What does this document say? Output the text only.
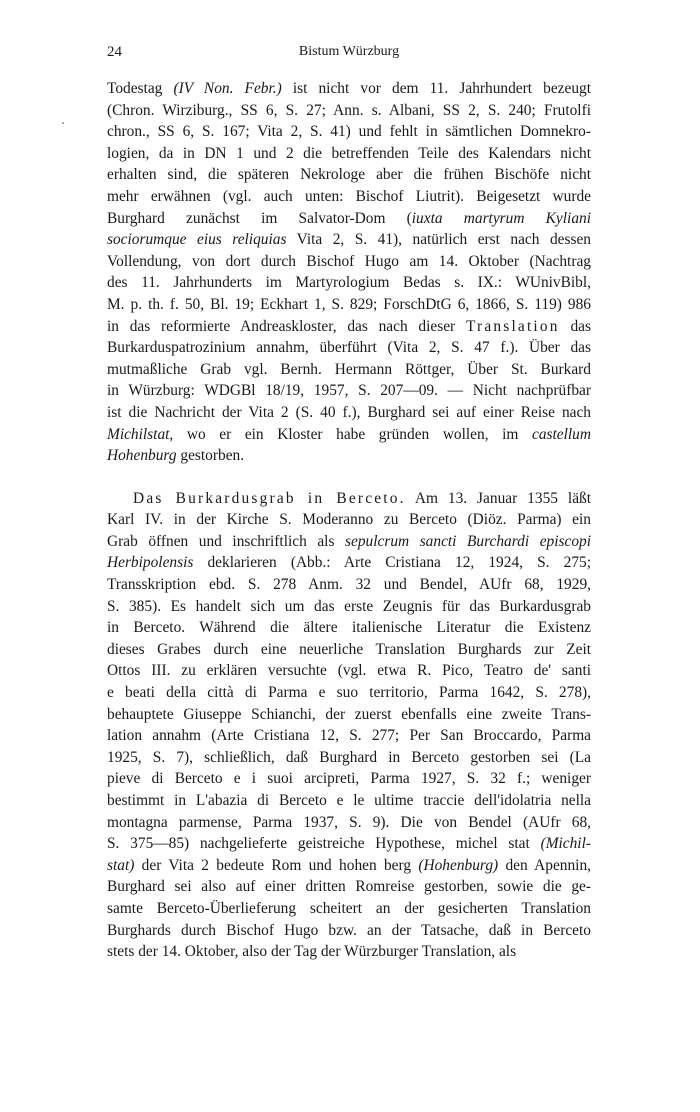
24	Bistum Würzburg
Todestag (IV Non. Febr.) ist nicht vor dem 11. Jahrhundert bezeugt
(Chron. Wirziburg., SS 6, S. 27; Ann. s. Albani, SS 2, S. 240; Frutolfi
chron., SS 6, S. 167; Vita 2, S. 41) und fehlt in sämtlichen Domnekro-
logien, da in DN 1 und 2 die betreffenden Teile des Kalendars nicht
erhalten sind, die späteren Nekrologe aber die frühen Bischöfe nicht
mehr erwähnen (vgl. auch unten: Bischof Liutrit). Beigesetzt wurde
Burghard zunächst im Salvator-Dom (iuxta martyrum Kyliani
sociorumque eius reliquias Vita 2, S. 41), natürlich erst nach dessen
Vollendung, von dort durch Bischof Hugo am 14. Oktober (Nachtrag
des 11. Jahrhunderts im Martyrologium Bedas s. IX.: WUnivBibl,
M. p. th. f. 50, Bl. 19; Eckhart 1, S. 829; ForschDtG 6, 1866, S. 119) 986
in das reformierte Andreaskloster, das nach dieser Translation das
Burkarduspatrozinium annahm, überführt (Vita 2, S. 47 f.). Über das
mutmaßliche Grab vgl. Bernh. Hermann Röttger, Über St. Burkard
in Würzburg: WDGBl 18/19, 1957, S. 207—09. — Nicht nachprüfbar
ist die Nachricht der Vita 2 (S. 40 f.), Burghard sei auf einer Reise nach
Michilstat, wo er ein Kloster habe gründen wollen, im castellum
Hohenburg gestorben.
Das Burkardusgrab in Berceto. Am 13. Januar 1355 läßt
Karl IV. in der Kirche S. Moderanno zu Berceto (Diöz. Parma) ein
Grab öffnen und inschriftlich als sepulcrum sancti Burchardi episcopi
Herbipolensis deklarieren (Abb.: Arte Cristiana 12, 1924, S. 275;
Transskription ebd. S. 278 Anm. 32 und Bendel, AUfr 68, 1929,
S. 385). Es handelt sich um das erste Zeugnis für das Burkardusgrab
in Berceto. Während die ältere italienische Literatur die Existenz
dieses Grabes durch eine neuerliche Translation Burghards zur Zeit
Ottos III. zu erklären versuchte (vgl. etwa R. Pico, Teatro de' santi
e beati della città di Parma e suo territorio, Parma 1642, S. 278),
behauptete Giuseppe Schianchi, der zuerst ebenfalls eine zweite Trans-
lation annahm (Arte Cristiana 12, S. 277; Per San Broccardo, Parma
1925, S. 7), schließlich, daß Burghard in Berceto gestorben sei (La
pieve di Berceto e i suoi arcipreti, Parma 1927, S. 32 f.; weniger
bestimmt in L'abazia di Berceto e le ultime traccie dell'idolatria nella
montagna parmense, Parma 1937, S. 9). Die von Bendel (AUfr 68,
S. 375—85) nachgelieferte geistreiche Hypothese, michel stat (Michil-
stat) der Vita 2 bedeute Rom und hohen berg (Hohenburg) den Apennin,
Burghard sei also auf einer dritten Romreise gestorben, sowie die ge-
samte Berceto-Überlieferung scheitert an der gesicherten Translation
Burghards durch Bischof Hugo bzw. an der Tatsache, daß in Berceto
stets der 14. Oktober, also der Tag der Würzburger Translation, als
